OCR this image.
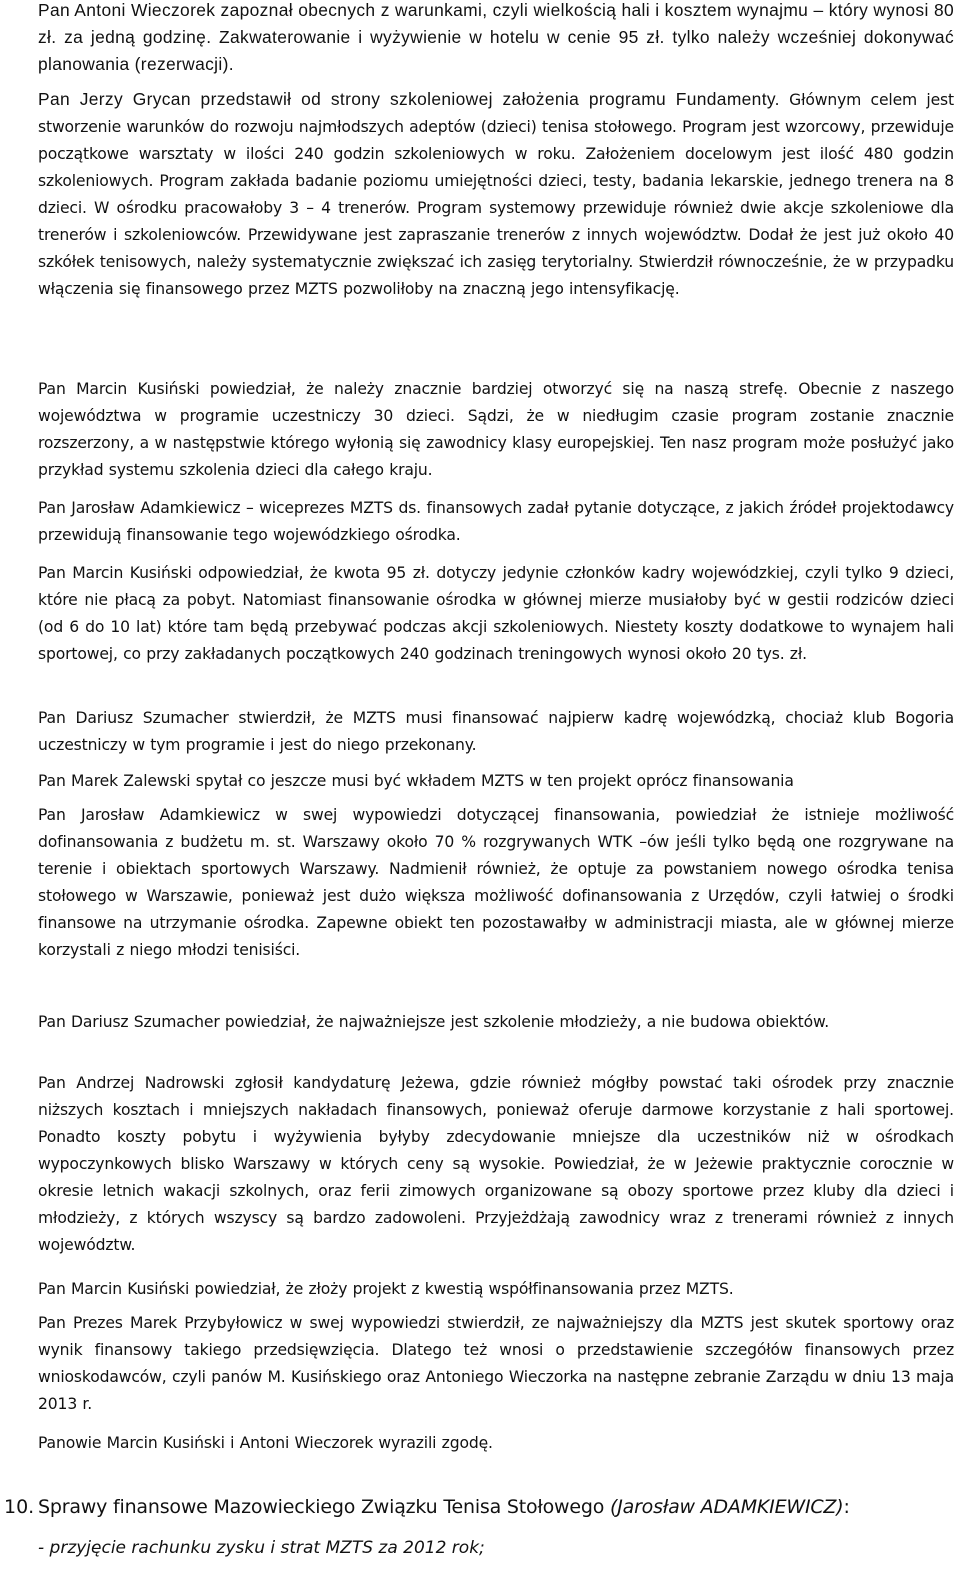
Pan Antoni Wieczorek zapoznał obecnych z warunkami, czyli wielkością hali i kosztem wynajmu – który wynosi 80 zł. za jedną godzinę. Zakwaterowanie i wyżywienie w hotelu w cenie 95 zł. tylko należy wcześniej dokonywać planowania (rezerwacji).
Pan Jerzy Grycan przedstawił od strony szkoleniowej założenia programu Fundamenty. Głównym celem jest stworzenie warunków do rozwoju najmłodszych adeptów (dzieci) tenisa stołowego. Program jest wzorcowy, przewiduje początkowe warsztaty w ilości 240 godzin szkoleniowych w roku. Założeniem docelowym jest ilość 480 godzin szkoleniowych. Program zakłada badanie poziomu umiejętności dzieci, testy, badania lekarskie, jednego trenera na 8 dzieci. W ośrodku pracowałoby 3 – 4 trenerów. Program systemowy przewiduje również dwie akcje szkoleniowe dla trenerów i szkoleniowców. Przewidywane jest zapraszanie trenerów z innych województw. Dodał że jest już około 40 szkółek tenisowych, należy systematycznie zwiększać ich zasięg terytorialny. Stwierdził równocześnie, że w przypadku włączenia się finansowego przez MZTS pozwoliłoby na znaczną jego intensyfikację.
Pan Marcin Kusiński powiedział, że należy znacznie bardziej otworzyć się na naszą strefę. Obecnie z naszego województwa w programie uczestniczy 30 dzieci. Sądzi, że w niedługim czasie program zostanie znacznie rozszerzony, a w następstwie którego wyłonią się zawodnicy klasy europejskiej. Ten nasz program może posłużyć jako przykład systemu szkolenia dzieci dla całego kraju.
Pan Jarosław Adamkiewicz – wiceprezes MZTS ds. finansowych zadał pytanie dotyczące, z jakich źródeł projektodawcy przewidują finansowanie tego wojewódzkiego ośrodka.
Pan Marcin Kusiński odpowiedział, że kwota 95 zł. dotyczy jedynie członków kadry wojewódzkiej, czyli tylko 9 dzieci, które nie płacą za pobyt. Natomiast finansowanie ośrodka w głównej mierze musiałoby być w gestii rodziców dzieci (od 6 do 10 lat) które tam będą przebywać podczas akcji szkoleniowych. Niestety koszty dodatkowe to wynajem hali sportowej, co przy zakładanych początkowych 240 godzinach treningowych wynosi około 20 tys. zł.
Pan Dariusz Szumacher stwierdził, że MZTS musi finansować najpierw kadrę wojewódzką, chociaż klub Bogoria uczestniczy w tym programie i jest do niego przekonany.
Pan Marek Zalewski spytał co jeszcze musi być wkładem MZTS w ten projekt oprócz finansowania
Pan Jarosław Adamkiewicz w swej wypowiedzi dotyczącej finansowania, powiedział że istnieje możliwość dofinansowania z budżetu m. st. Warszawy około 70 % rozgrywanych WTK –ów jeśli tylko będą one rozgrywane na terenie i obiektach sportowych Warszawy. Nadmienił również, że optuje za powstaniem nowego ośrodka tenisa stołowego w Warszawie, ponieważ jest dużo większa możliwość dofinansowania z Urzędów, czyli łatwiej o środki finansowe na utrzymanie ośrodka. Zapewne obiekt ten pozostawałby w administracji miasta, ale w głównej mierze korzystali z niego młodzi tenisiści.
Pan Dariusz Szumacher powiedział, że najważniejsze jest szkolenie młodzieży, a nie budowa obiektów.
Pan Andrzej Nadrowski zgłosił kandydaturę Jeżewa, gdzie również mógłby powstać taki ośrodek przy znacznie niższych kosztach i mniejszych nakładach finansowych, ponieważ oferuje darmowe korzystanie z hali sportowej. Ponadto koszty pobytu i wyżywienia byłyby zdecydowanie mniejsze dla uczestników niż w ośrodkach wypoczynkowych blisko Warszawy w których ceny są wysokie. Powiedział, że w Jeżewie praktycznie corocznie w okresie letnich wakacji szkolnych, oraz ferii zimowych organizowane są obozy sportowe przez kluby dla dzieci i młodzieży, z których wszyscy są bardzo zadowoleni. Przyjeżdżają zawodnicy wraz z trenerami również z innych województw.
Pan Marcin Kusiński powiedział, że złoży projekt z kwestią współfinansowania przez MZTS.
Pan Prezes Marek Przybyłowicz w swej wypowiedzi stwierdził, ze najważniejszy dla MZTS jest skutek sportowy oraz wynik finansowy takiego przedsięwzięcia. Dlatego też wnosi o przedstawienie szczegółów finansowych przez wnioskodawców, czyli panów M. Kusińskiego oraz Antoniego Wieczorka na następne zebranie Zarządu w dniu 13 maja 2013 r.
Panowie Marcin Kusiński i Antoni Wieczorek wyrazili zgodę.
10. Sprawy finansowe Mazowieckiego Związku Tenisa Stołowego (Jarosław ADAMKIEWICZ):
- przyjęcie rachunku zysku i strat MZTS za 2012 rok;
